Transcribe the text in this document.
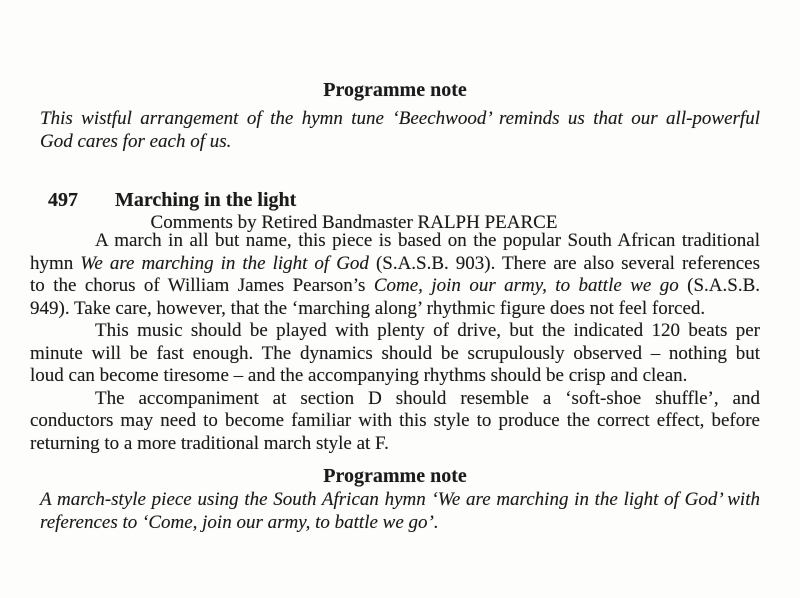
Programme note
This wistful arrangement of the hymn tune ‘Beechwood’ reminds us that our all-powerful
God cares for each of us.
497 Marching in the light
Comments by Retired Bandmaster RALPH PEARCE
A march in all but name, this piece is based on the popular South African traditional
hymn We are marching in the light of God (S.A.S.B. 903). There are also several references
to the chorus of William James Pearson’s Come, join our army, to battle we go (S.A.S.B.
949). Take care, however, that the ‘marching along’ rhythmic figure does not feel forced.
This music should be played with plenty of drive, but the indicated 120 beats per
minute will be fast enough. The dynamics should be scrupulously observed – nothing but
loud can become tiresome – and the accompanying rhythms should be crisp and clean.
The accompaniment at section D should resemble a ‘soft-shoe shuffle’, and
conductors may need to become familiar with this style to produce the correct effect, before
returning to a more traditional march style at F.
Programme note
A march-style piece using the South African hymn ‘We are marching in the light of God’ with
references to ‘Come, join our army, to battle we go’.
